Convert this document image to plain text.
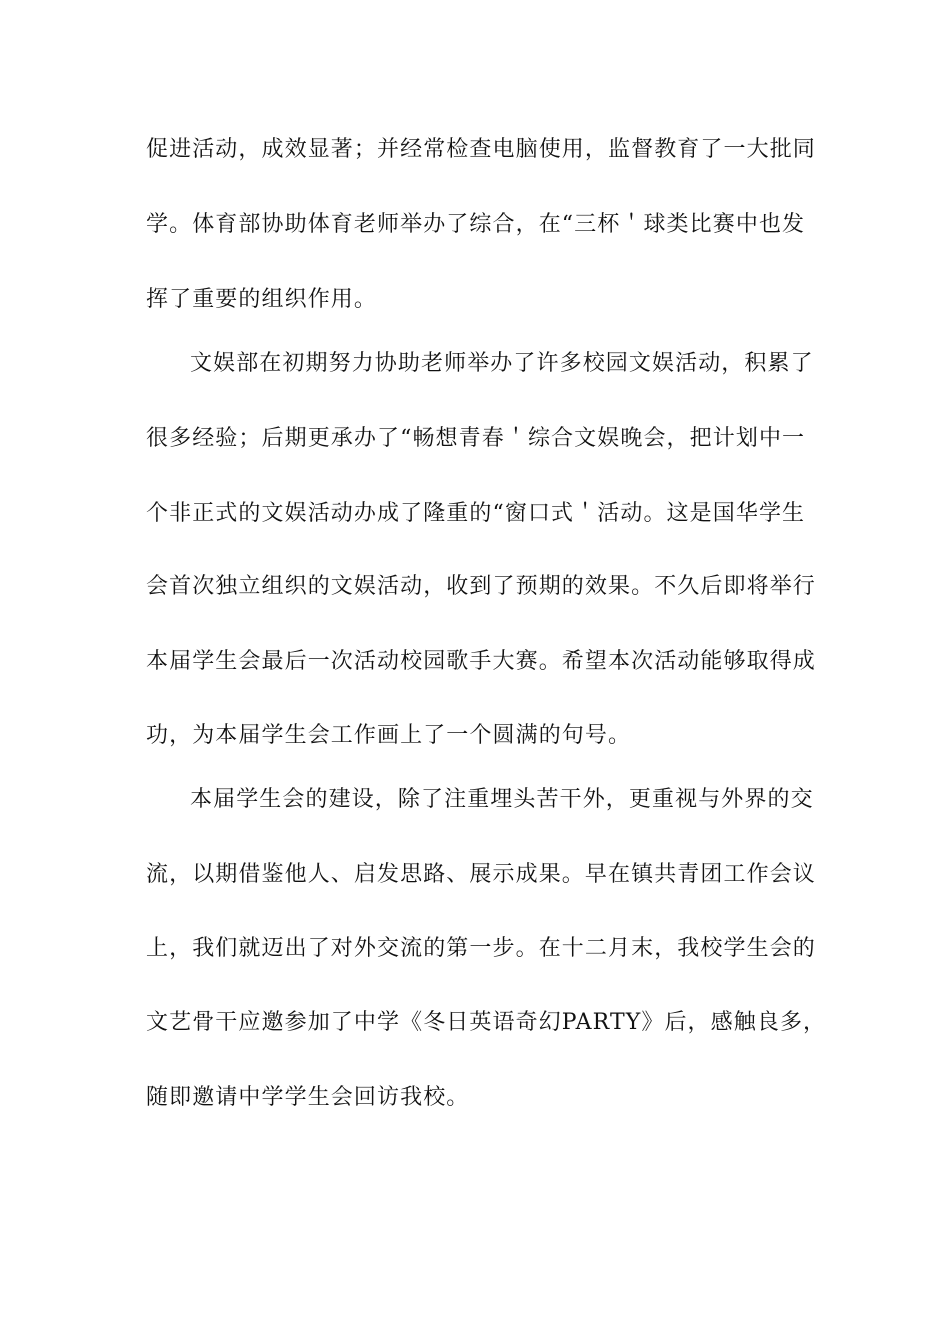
促进活动，成效显著；并经常检查电脑使用，监督教育了一大批同
学。体育部协助体育老师举办了综合，在“三杯＇球类比赛中也发
挥了重要的组织作用。
文娱部在初期努力协助老师举办了许多校园文娱活动，积累了
很多经验；后期更承办了“畅想青春＇综合文娱晚会，把计划中一
个非正式的文娱活动办成了隆重的“窗口式＇活动。这是国华学生
会首次独立组织的文娱活动，收到了预期的效果。不久后即将举行
本届学生会最后一次活动校园歌手大赛。希望本次活动能够取得成
功，为本届学生会工作画上了一个圆满的句号。
本届学生会的建设，除了注重埋头苦干外，更重视与外界的交
流，以期借鉴他人、启发思路、展示成果。早在镇共青团工作会议
上，我们就迈出了对外交流的第一步。在十二月末，我校学生会的
文艺骨干应邀参加了中学《冬日英语奇幻PARTY》后，感触良多，
随即邀请中学学生会回访我校。
